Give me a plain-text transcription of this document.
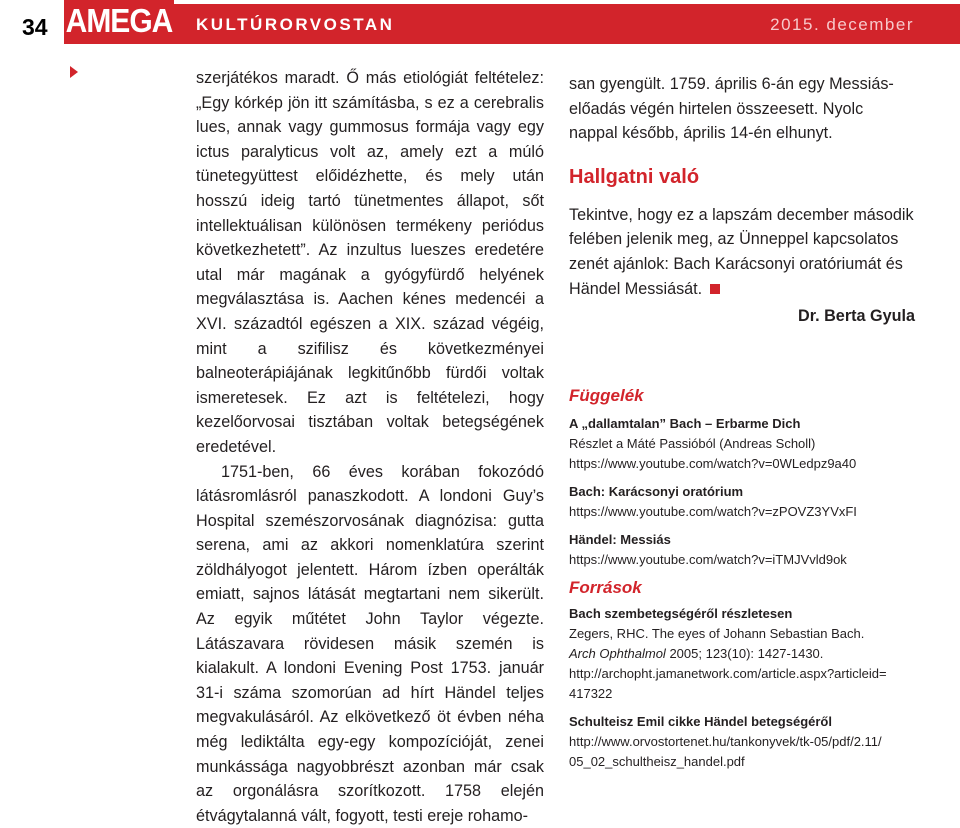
34 AMEGA KULTÚRORVOSTAN	2015. december

szerjátékos maradt. Ő más etiológiát feltételez: „Egy kórkép jön itt számításba, s ez a cerebralis lues, annak vagy gummosus formája vagy egy ictus paralyticus volt az, amely ezt a múló tünetegyüttest előidézhette, és mely után hosszú ideig tartó tünetmentes állapot, sőt intellektuálisan különösen termékeny periódus következhetett”. Az inzultus lueszes eredetére utal már magának a gyógyfürdő helyének megválasztása is. Aachen kénes medencéi a XVI. századtól egészen a XIX. század végéig, mint a szifilisz és következményei balneoterápiájának legkitűnőbb fürdői voltak ismeretesek. Ez azt is feltételezi, hogy kezelőorvosai tisztában voltak betegségének eredetével.

1751-ben, 66 éves korában fokozódó látásromlásról panaszkodott. A londoni Guy’s Hospital szemészorvosának diagnózisa: gutta serena, ami az akkori nomenklatúra szerint zöldhályogot jelentett. Három ízben operálták emiatt, sajnos látását megtartani nem sikerült. Az egyik műtétet John Taylor végezte. Látászavara rövidesen másik szemén is kialakult. A londoni Evening Post 1753. január 31-i száma szomorúan ad hírt Händel teljes megvakulásáról. Az elkövetkező öt évben néha még lediktálta egy-egy kompozícióját, zenei munkássága nagyobbrészt azonban már csak az orgonálásra szorítkozott. 1758 elején étvágytalanná vált, fogyott, testi ereje rohamo-

san gyengült. 1759. április 6-án egy Messiás-előadás végén hirtelen összeesett. Nyolc nappal később, április 14-én elhunyt.

Hallgatni való

Tekintve, hogy ez a lapszám december második felében jelenik meg, az Ünneppel kapcsolatos zenét ajánlok: Bach Karácsonyi oratóriumát és Händel Messiását.

Dr. Berta Gyula

Függelék

A „dallamtalan” Bach – Erbarme Dich

Részlet a Máté Passióból (Andreas Scholl)

https://www.youtube.com/watch?v=0WLedpz9a40

Bach: Karácsonyi oratórium

https://www.youtube.com/watch?v=zPOVZ3YVxFI

Händel: Messiás

https://www.youtube.com/watch?v=iTMJVvld9ok

Források

Bach szembetegségéről részletesen

Zegers, RHC. The eyes of Johann Sebastian Bach.

Arch Ophthalmol 2005; 123(10): 1427-1430.

http://archopht.jamanetwork.com/article.aspx?articleid=

417322

Schulteisz Emil cikke Händel betegségéről

http://www.orvostortenet.hu/tankonyvek/tk-05/pdf/2.11/

05_02_schultheisz_handel.pdf
